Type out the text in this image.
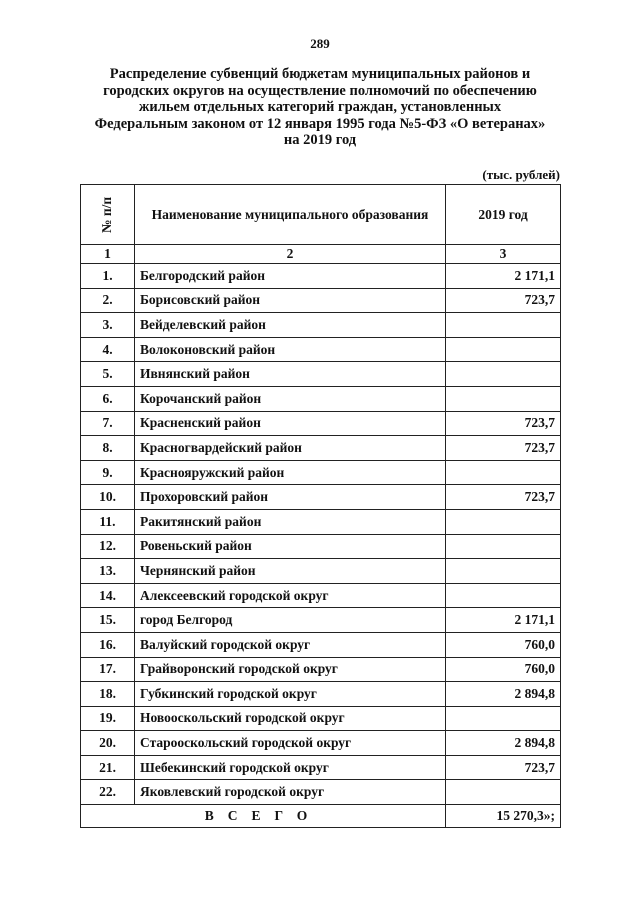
289
Распределение субвенций бюджетам муниципальных районов и
городских округов на осуществление полномочий по обеспечению
жильем отдельных категорий граждан, установленных
Федеральным законом от 12 января 1995 года №5-ФЗ «О ветеранах»
на 2019 год
(тыс. рублей)
№ п/п	Наименование муниципального образования	2019 год
1	2	3
1.	Белгородский район	2 171,1
2.	Борисовский район	723,7
3.	Вейделевский район	
4.	Волоконовский район	
5.	Ивнянский район	
6.	Корочанский район	
7.	Красненский район	723,7
8.	Красногвардейский район	723,7
9.	Краснояружский район	
10.	Прохоровский район	723,7
11.	Ракитянский район	
12.	Ровеньский район	
13.	Чернянский район	
14.	Алексеевский городской округ	
15.	город Белгород	2 171,1
16.	Валуйский городской округ	760,0
17.	Грайворонский городской округ	760,0
18.	Губкинский городской округ	2 894,8
19.	Новооскольский городской округ	
20.	Старооскольский городской округ	2 894,8
21.	Шебекинский городской округ	723,7
22.	Яковлевский городской округ	
ВСЕГО		15 270,3»;
